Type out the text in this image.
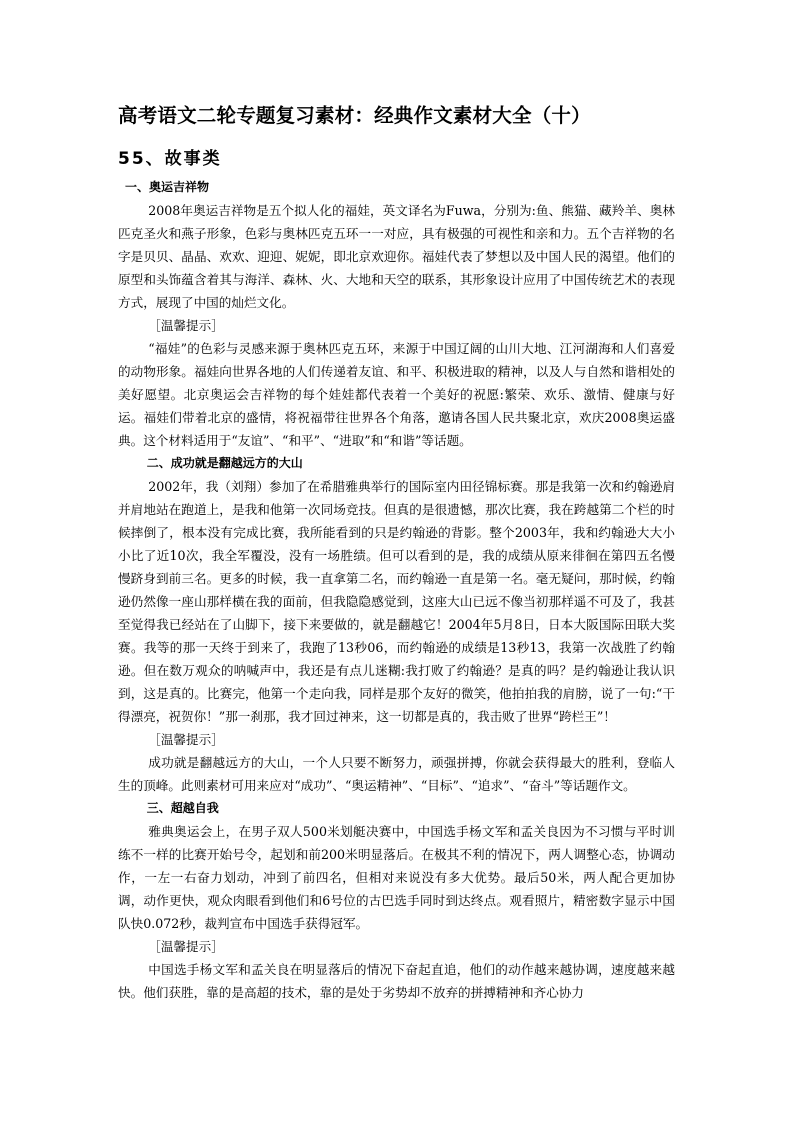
高考语文二轮专题复习素材：经典作文素材大全（十）
55、故事类

一、奥运吉祥物

2008年奥运吉祥物是五个拟人化的福娃，英文译名为Fuwa，分别为:鱼、熊猫、藏羚羊、奥林匹克圣火和燕子形象，色彩与奥林匹克五环一一对应，具有极强的可视性和亲和力。五个吉祥物的名字是贝贝、晶晶、欢欢、迎迎、妮妮，即北京欢迎你。福娃代表了梦想以及中国人民的渴望。他们的原型和头饰蕴含着其与海洋、森林、火、大地和天空的联系，其形象设计应用了中国传统艺术的表现方式，展现了中国的灿烂文化。

［温馨提示］

“福娃”的色彩与灵感来源于奥林匹克五环，来源于中国辽阔的山川大地、江河湖海和人们喜爱的动物形象。福娃向世界各地的人们传递着友谊、和平、积极进取的精神，以及人与自然和谐相处的美好愿望。北京奥运会吉祥物的每个娃娃都代表着一个美好的祝愿:繁荣、欢乐、激情、健康与好运。福娃们带着北京的盛情，将祝福带往世界各个角落，邀请各国人民共聚北京，欢庆2008奥运盛典。这个材料适用于“友谊”、“和平”、“进取”和“和谐”等话题。

二、成功就是翻越远方的大山

2002年，我（刘翔）参加了在希腊雅典举行的国际室内田径锦标赛。那是我第一次和约翰逊肩并肩地站在跑道上，是我和他第一次同场竞技。但真的是很遗憾，那次比赛，我在跨越第二个栏的时候摔倒了，根本没有完成比赛，我所能看到的只是约翰逊的背影。整个2003年，我和约翰逊大大小小比了近10次，我全军覆没，没有一场胜绩。但可以看到的是，我的成绩从原来徘徊在第四五名慢慢跻身到前三名。更多的时候，我一直拿第二名，而约翰逊一直是第一名。毫无疑问，那时候，约翰逊仍然像一座山那样横在我的面前，但我隐隐感觉到，这座大山已远不像当初那样遥不可及了，我甚至觉得我已经站在了山脚下，接下来要做的，就是翻越它！2004年5月8日，日本大阪国际田联大奖赛。我等的那一天终于到来了，我跑了13秒06，而约翰逊的成绩是13秒13，我第一次战胜了约翰逊。但在数万观众的呐喊声中，我还是有点儿迷糊:我打败了约翰逊？是真的吗？是约翰逊让我认识到，这是真的。比赛完，他第一个走向我，同样是那个友好的微笑，他拍拍我的肩膀，说了一句:“干得漂亮，祝贺你！”那一刹那，我才回过神来，这一切都是真的，我击败了世界“跨栏王”！

［温馨提示］

成功就是翻越远方的大山，一个人只要不断努力，顽强拼搏，你就会获得最大的胜利，登临人生的顶峰。此则素材可用来应对“成功”、“奥运精神”、“目标”、“追求”、“奋斗”等话题作文。

三、超越自我

雅典奥运会上，在男子双人500米划艇决赛中，中国选手杨文军和孟关良因为不习惯与平时训练不一样的比赛开始号令，起划和前200米明显落后。在极其不利的情况下，两人调整心态，协调动作，一左一右奋力划动，冲到了前四名，但相对来说没有多大优势。最后50米，两人配合更加协调，动作更快，观众肉眼看到他们和6号位的古巴选手同时到达终点。观看照片，精密数字显示中国队快0.072秒，裁判宣布中国选手获得冠军。

［温馨提示］

中国选手杨文军和孟关良在明显落后的情况下奋起直追，他们的动作越来越协调，速度越来越快。他们获胜，靠的是高超的技术，靠的是处于劣势却不放弃的拼搏精神和齐心协力
